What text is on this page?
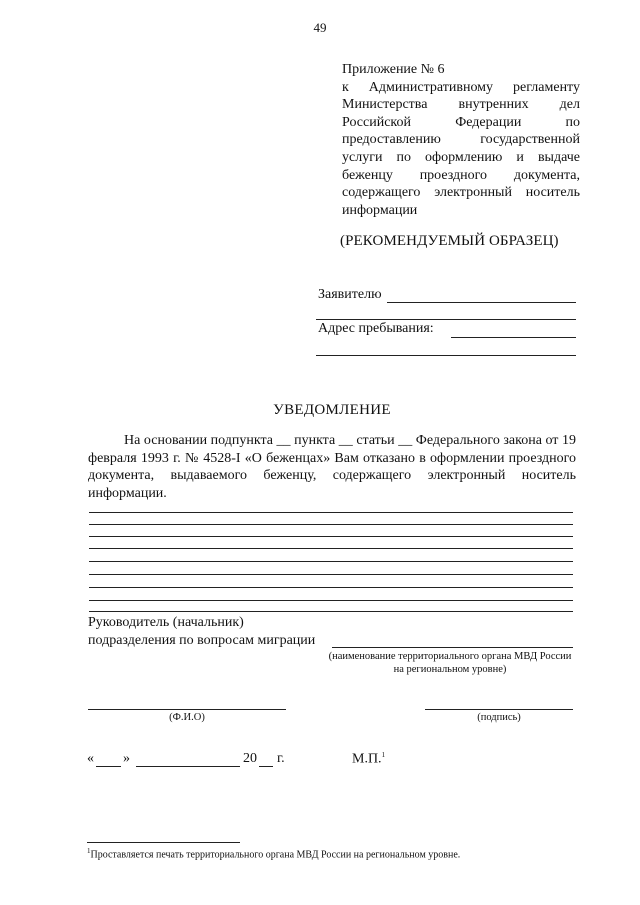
49
Приложение № 6
к Административному регламенту Министерства внутренних дел Российской Федерации по предоставлению государственной услуги по оформлению и выдаче беженцу проездного документа, содержащего электронный носитель информации
(РЕКОМЕНДУЕМЫЙ ОБРАЗЕЦ)
Заявителю
Адрес пребывания:
УВЕДОМЛЕНИЕ
На основании подпункта __ пункта __ статьи __ Федерального закона от 19 февраля 1993 г. № 4528-I «О беженцах» Вам отказано в оформлении проездного документа, выдаваемого беженцу, содержащего электронный носитель информации.
Руководитель (начальник)
подразделения по вопросам миграции
(наименование территориального органа МВД России
на региональном уровне)
(Ф.И.О)	(подпись)
« »	20 г.	М.П.$^1$
$^1$Проставляется печать территориального органа МВД России на региональном уровне.
